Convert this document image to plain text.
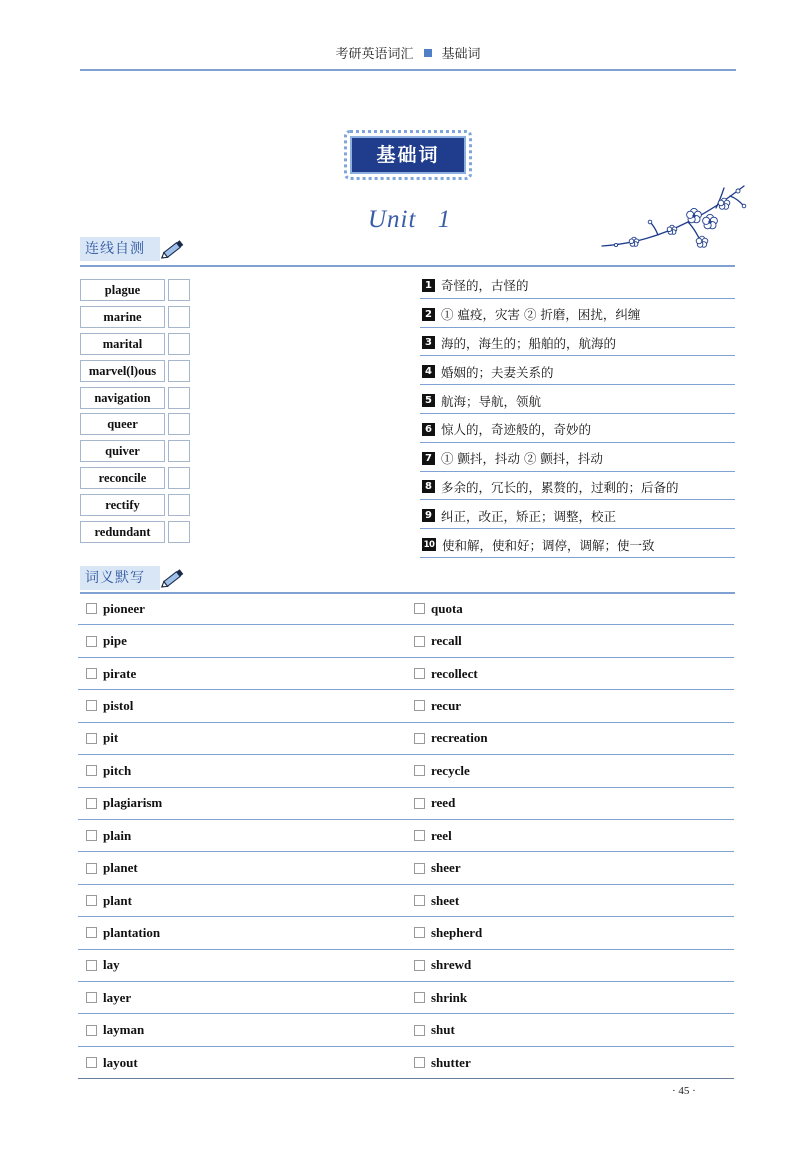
考研英语词汇 基础词
基础词
Unit 1
连线自测
plague
marine
marital
marvel(l)ous
navigation
queer
quiver
reconcile
rectify
redundant
1 奇怪的，古怪的
2 ① 瘟疫，灾害 ② 折磨，困扰，纠缠
3 海的，海生的；船舶的，航海的
4 婚姻的；夫妻关系的
5 航海；导航，领航
6 惊人的，奇迹般的，奇妙的
7 ① 颤抖，抖动 ② 颤抖，抖动
8 多余的，冗长的，累赘的，过剩的；后备的
9 纠正，改正，矫正；调整，校正
10 使和解，使和好；调停，调解；使一致
词义默写
pioneer	quota
pipe	recall
pirate	recollect
pistol	recur
pit	recreation
pitch	recycle
plagiarism	reed
plain	reel
planet	sheer
plant	sheet
plantation	shepherd
lay	shrewd
layer	shrink
layman	shut
layout	shutter
· 45 ·
